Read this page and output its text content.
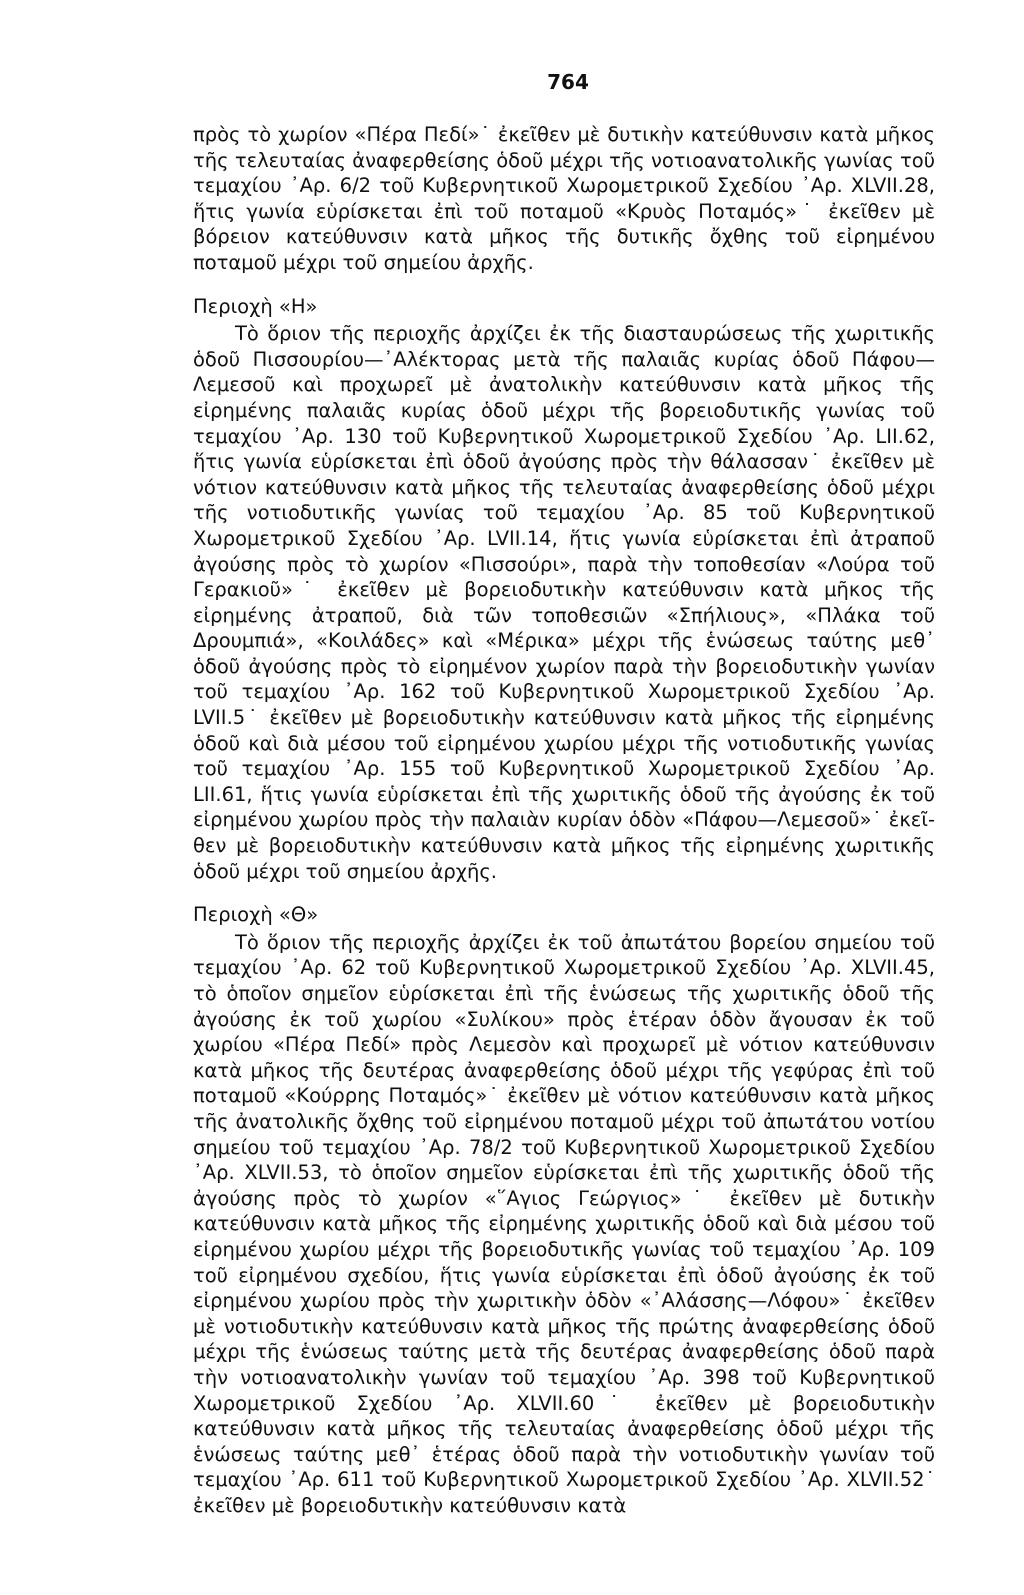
764

πρὸς τὸ χωρίον «Πέρα Πεδί»˙ ἐκεῖθεν μὲ δυτικὴν κατεύθυνσιν κατὰ μῆκος τῆς τελευταίας ἀναφερθείσης ὁδοῦ μέχρι τῆς νοτιοανατολικῆς γωνίας τοῦ τεμαχίου ᾿Αρ. 6/2 τοῦ Κυβερνητικοῦ Χωρομετρικοῦ Σχεδίου ᾿Αρ. XLVII.28, ἥτις γωνία εὑρίσκεται ἐπὶ τοῦ ποταμοῦ «Κρυὸς Ποταμός»˙ ἐκεῖθεν μὲ βόρειον κατεύθυνσιν κατὰ μῆκος τῆς δυτικῆς ὄχθης τοῦ εἰρημένου ποταμοῦ μέχρι τοῦ σημείου ἀρχῆς.

Περιοχὴ «Η»

Τὸ ὅριον τῆς περιοχῆς ἀρχίζει ἐκ τῆς διασταυρώσεως τῆς χωριτικῆς ὁδοῦ Πισσουρίου—᾿Αλέκτορας μετὰ τῆς παλαιᾶς κυρίας ὁδοῦ Πάφου—Λεμεσοῦ καὶ προχωρεῖ μὲ ἀνατολικὴν κατεύθυνσιν κατὰ μῆκος τῆς εἰρημένης παλαιᾶς κυρίας ὁδοῦ μέχρι τῆς βορειοδυτικῆς γωνίας τοῦ τεμαχίου ᾿Αρ. 130 τοῦ Κυβερνητικοῦ Χωρομετρικοῦ Σχεδίου ᾿Αρ. LII.62, ἥτις γωνία εὑρίσκεται ἐπὶ ὁδοῦ ἀγούσης πρὸς τὴν θάλασσαν˙ ἐκεῖθεν μὲ νότιον κατεύθυνσιν κατὰ μῆκος τῆς τελευταίας ἀναφερθείσης ὁδοῦ μέχρι τῆς νοτιοδυτικῆς γωνίας τοῦ τεμαχίου ᾿Αρ. 85 τοῦ Κυβερνητικοῦ Χωρομετρικοῦ Σχεδίου ᾿Αρ. LVII.14, ἥτις γωνία εὑρίσκεται ἐπὶ ἀτραποῦ ἀγούσης πρὸς τὸ χωρίον «Πισσούρι», παρὰ τὴν τοποθεσίαν «Λούρα τοῦ Γερακιοῦ»˙ ἐκεῖθεν μὲ βορειοδυτικὴν κατεύθυνσιν κατὰ μῆκος τῆς εἰρημένης ἀτραποῦ, διὰ τῶν τοποθεσιῶν «Σπήλιους», «Πλάκα τοῦ Δρουμπιά», «Κοιλάδες» καὶ «Μέρικα» μέχρι τῆς ἑνώσεως ταύτης μεθ᾿ ὁδοῦ ἀγούσης πρὸς τὸ εἰρημένον χωρίον παρὰ τὴν βορειοδυτικὴν γωνίαν τοῦ τεμαχίου ᾿Αρ. 162 τοῦ Κυβερνητικοῦ Χωρομετρικοῦ Σχεδίου ᾿Αρ. LVII.5˙ ἐκεῖθεν μὲ βορειοδυτικὴν κατεύθυνσιν κατὰ μῆκος τῆς εἰρημένης ὁδοῦ καὶ διὰ μέσου τοῦ εἰρημένου χωρίου μέχρι τῆς νοτιοδυτικῆς γωνίας τοῦ τεμαχίου ᾿Αρ. 155 τοῦ Κυβερνητικοῦ Χωρομετρικοῦ Σχεδίου ᾿Αρ. LII.61, ἥτις γωνία εὑρίσκεται ἐπὶ τῆς χωριτικῆς ὁδοῦ τῆς ἀγούσης ἐκ τοῦ εἰρημένου χωρίου πρὸς τὴν παλαιὰν κυρίαν ὁδὸν «Πάφου—Λεμεσοῦ»˙ ἐκεῖθεν μὲ βορειοδυτικὴν κατεύθυνσιν κατὰ μῆκος τῆς εἰρημένης χωριτικῆς ὁδοῦ μέχρι τοῦ σημείου ἀρχῆς.

Περιοχὴ «Θ»

Τὸ ὅριον τῆς περιοχῆς ἀρχίζει ἐκ τοῦ ἀπωτάτου βορείου σημείου τοῦ τεμαχίου ᾿Αρ. 62 τοῦ Κυβερνητικοῦ Χωρομετρικοῦ Σχεδίου ᾿Αρ. XLVII.45, τὸ ὁποῖον σημεῖον εὑρίσκεται ἐπὶ τῆς ἑνώσεως τῆς χωριτικῆς ὁδοῦ τῆς ἀγούσης ἐκ τοῦ χωρίου «Συλίκου» πρὸς ἑτέραν ὁδὸν ἄγουσαν ἐκ τοῦ χωρίου «Πέρα Πεδί» πρὸς Λεμεσὸν καὶ προχωρεῖ μὲ νότιον κατεύθυνσιν κατὰ μῆκος τῆς δευτέρας ἀναφερθείσης ὁδοῦ μέχρι τῆς γεφύρας ἐπὶ τοῦ ποταμοῦ «Κούρρης Ποταμός»˙ ἐκεῖθεν μὲ νότιον κατεύθυνσιν κατὰ μῆκος τῆς ἀνατολικῆς ὄχθης τοῦ εἰρημένου ποταμοῦ μέχρι τοῦ ἀπωτάτου νοτίου σημείου τοῦ τεμαχίου ᾿Αρ. 78/2 τοῦ Κυβερνητικοῦ Χωρομετρικοῦ Σχεδίου ᾿Αρ. XLVII.53, τὸ ὁποῖον σημεῖον εὑρίσκεται ἐπὶ τῆς χωριτικῆς ὁδοῦ τῆς ἀγούσης πρὸς τὸ χωρίον «῞Αγιος Γεώργιος»˙ ἐκεῖθεν μὲ δυτικὴν κατεύθυνσιν κατὰ μῆκος τῆς εἰρημένης χωριτικῆς ὁδοῦ καὶ διὰ μέσου τοῦ εἰρημένου χωρίου μέχρι τῆς βορειοδυτικῆς γωνίας τοῦ τεμαχίου ᾿Αρ. 109 τοῦ εἰρημένου σχεδίου, ἥτις γωνία εὑρίσκεται ἐπὶ ὁδοῦ ἀγούσης ἐκ τοῦ εἰρημένου χωρίου πρὸς τὴν χωριτικὴν ὁδὸν «᾿Αλάσσης—Λόφου»˙ ἐκεῖθεν μὲ νοτιοδυτικὴν κατεύθυνσιν κατὰ μῆκος τῆς πρώτης ἀναφερθείσης ὁδοῦ μέχρι τῆς ἑνώσεως ταύτης μετὰ τῆς δευτέρας ἀναφερθείσης ὁδοῦ παρὰ τὴν νοτιοανατολικὴν γωνίαν τοῦ τεμαχίου ᾿Αρ. 398 τοῦ Κυβερνητικοῦ Χωρομετρικοῦ Σχεδίου ᾿Αρ. XLVII.60˙ ἐκεῖθεν μὲ βορειοδυτικὴν κατεύθυνσιν κατὰ μῆκος τῆς τελευταίας ἀναφερθείσης ὁδοῦ μέχρι τῆς ἑνώσεως ταύτης μεθ᾿ ἑτέρας ὁδοῦ παρὰ τὴν νοτιοδυτικὴν γωνίαν τοῦ τεμαχίου ᾿Αρ. 611 τοῦ Κυβερνητικοῦ Χωρομετρικοῦ Σχεδίου ᾿Αρ. XLVII.52˙ ἐκεῖθεν μὲ βορειοδυτικὴν κατεύθυνσιν κατὰ
